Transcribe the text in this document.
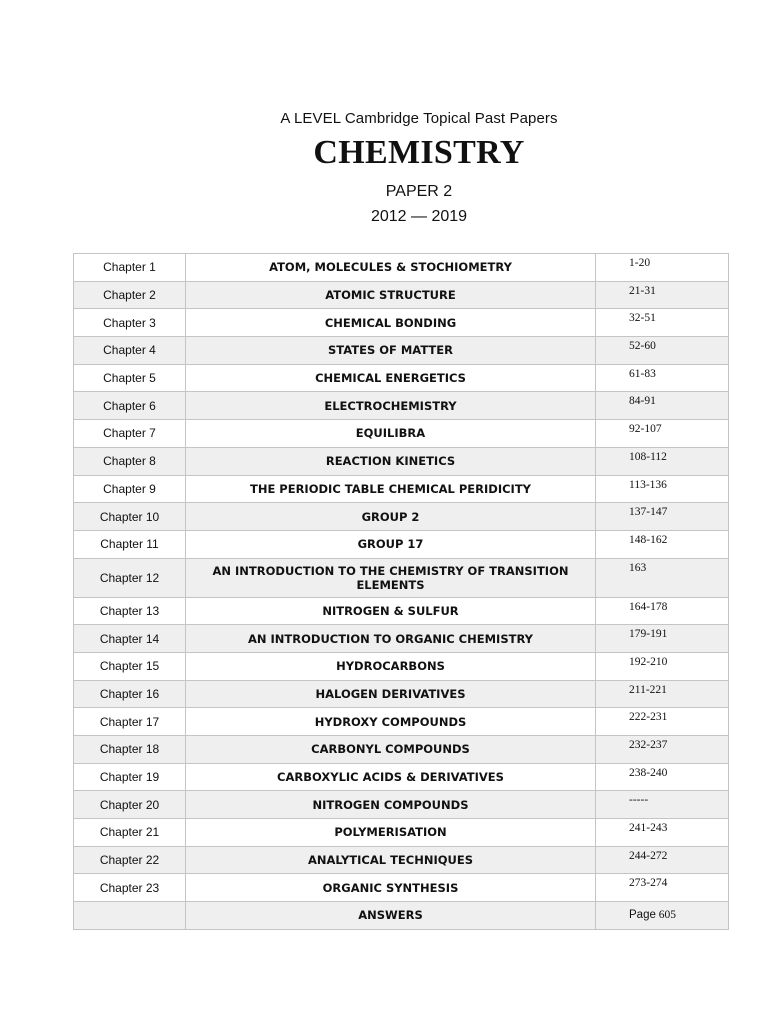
A LEVEL Cambridge Topical Past Papers
CHEMISTRY
PAPER 2
2012 — 2019
Chapter 1	ATOM, MOLECULES & STOCHIOMETRY	1-20
Chapter 2	ATOMIC STRUCTURE	21-31
Chapter 3	CHEMICAL BONDING	32-51
Chapter 4	STATES OF MATTER	52-60
Chapter 5	CHEMICAL ENERGETICS	61-83
Chapter 6	ELECTROCHEMISTRY	84-91
Chapter 7	EQUILIBRA	92-107
Chapter 8	REACTION KINETICS	108-112
Chapter 9	THE PERIODIC TABLE CHEMICAL PERIDICITY	113-136
Chapter 10	GROUP 2	137-147
Chapter 11	GROUP 17	148-162
Chapter 12	AN INTRODUCTION TO THE CHEMISTRY OF TRANSITION ELEMENTS	163
Chapter 13	NITROGEN & SULFUR	164-178
Chapter 14	AN INTRODUCTION TO ORGANIC CHEMISTRY	179-191
Chapter 15	HYDROCARBONS	192-210
Chapter 16	HALOGEN DERIVATIVES	211-221
Chapter 17	HYDROXY COMPOUNDS	222-231
Chapter 18	CARBONYL COMPOUNDS	232-237
Chapter 19	CARBOXYLIC ACIDS & DERIVATIVES	238-240
Chapter 20	NITROGEN COMPOUNDS	-----
Chapter 21	POLYMERISATION	241-243
Chapter 22	ANALYTICAL TECHNIQUES	244-272
Chapter 23	ORGANIC SYNTHESIS	273-274
	ANSWERS	Page 605
